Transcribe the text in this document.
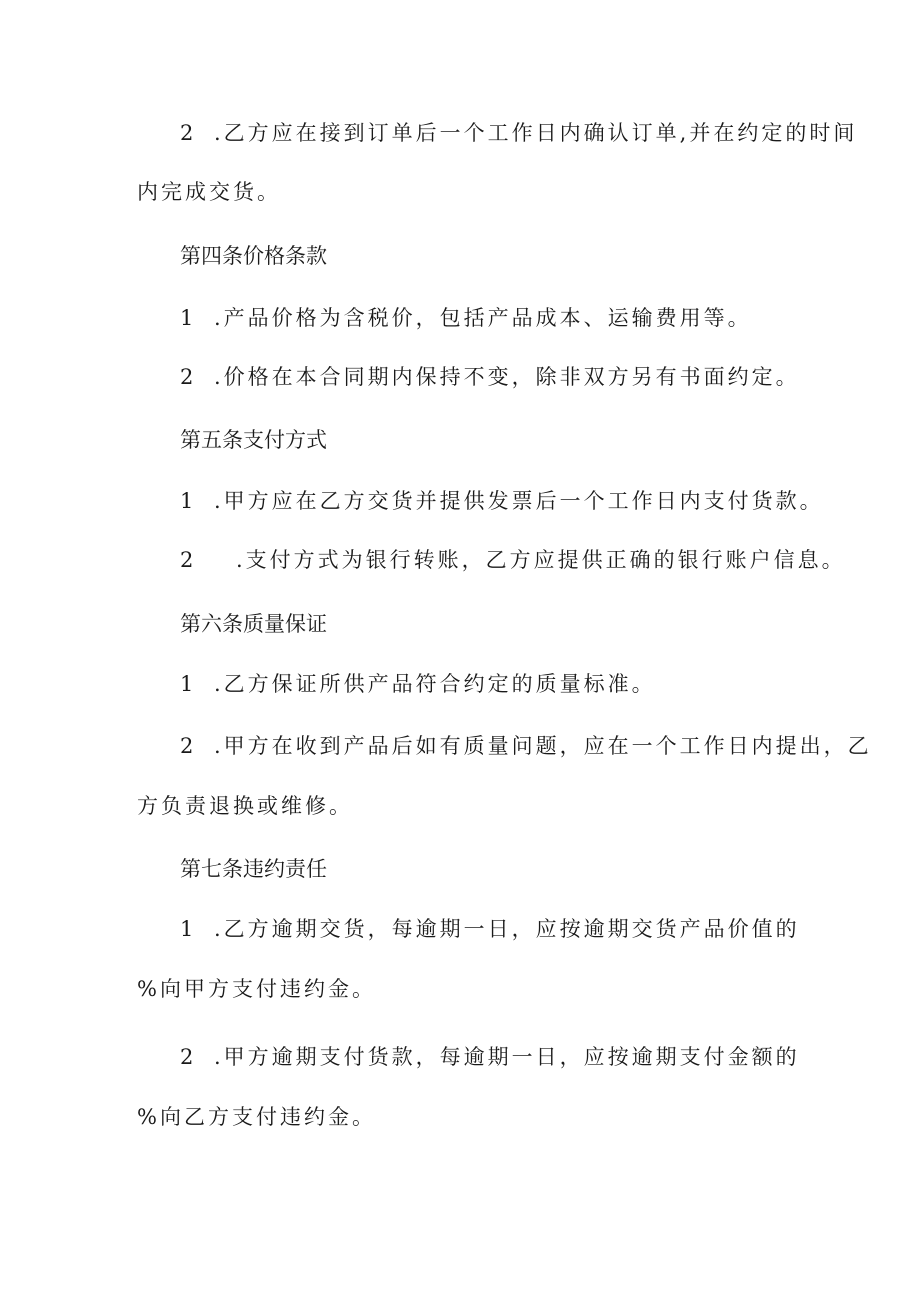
2 .乙方应在接到订单后一个工作日内确认订单,并在约定的时间
内完成交货。
第四条价格条款
1 .产品价格为含税价，包括产品成本、运输费用等。
2 .价格在本合同期内保持不变，除非双方另有书面约定。
第五条支付方式
1 .甲方应在乙方交货并提供发票后一个工作日内支付货款。
2 .支付方式为银行转账，乙方应提供正确的银行账户信息。
第六条质量保证
1 .乙方保证所供产品符合约定的质量标准。
2 .甲方在收到产品后如有质量问题，应在一个工作日内提出，乙
方负责退换或维修。
第七条违约责任
1 .乙方逾期交货，每逾期一日，应按逾期交货产品价值的
%向甲方支付违约金。
2 .甲方逾期支付货款，每逾期一日，应按逾期支付金额的
%向乙方支付违约金。
